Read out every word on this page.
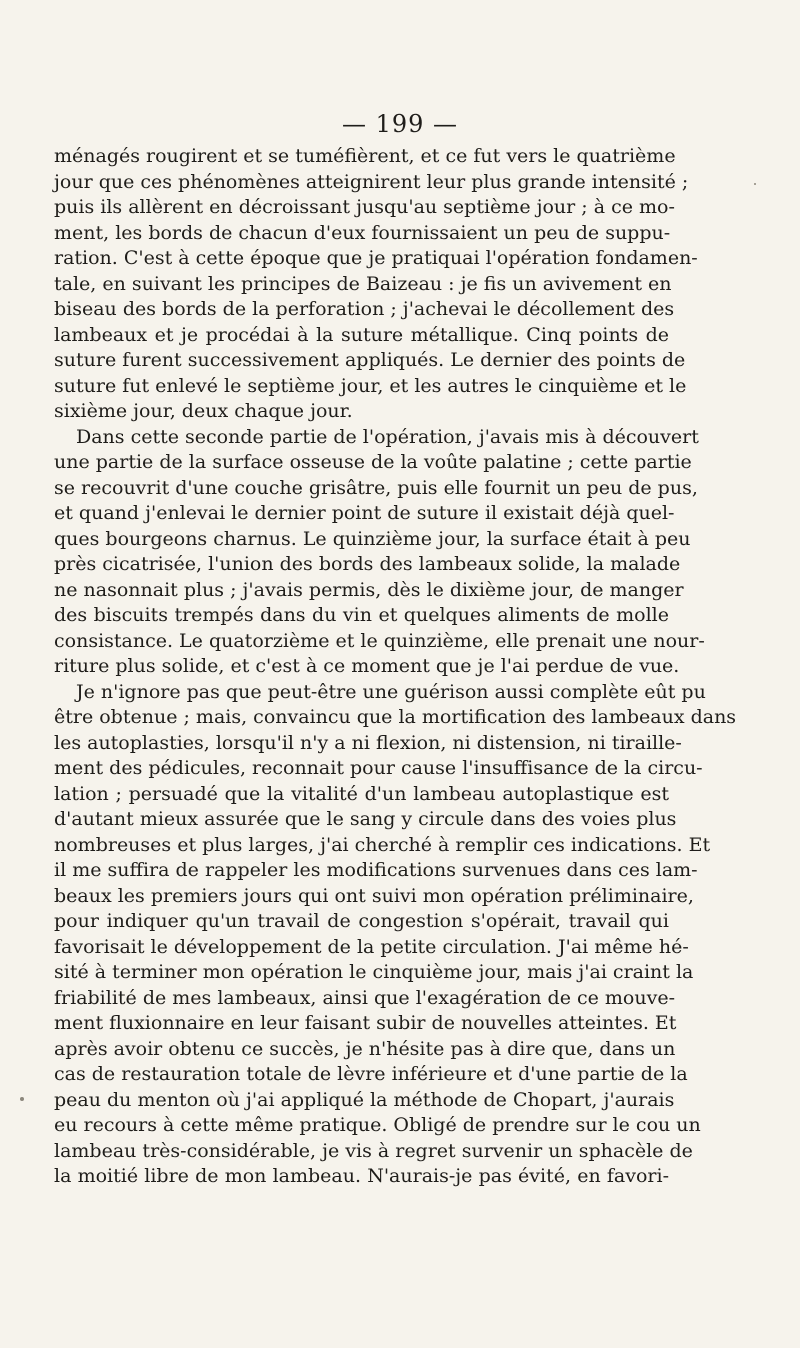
— 199 —
ménagés rougirent et se tuméfièrent, et ce fut vers le quatrième
jour que ces phénomènes atteignirent leur plus grande intensité ;
puis ils allèrent en décroissant jusqu'au septième jour ; à ce mo-
ment, les bords de chacun d'eux fournissaient un peu de suppu-
ration. C'est à cette époque que je pratiquai l'opération fondamen-
tale, en suivant les principes de Baizeau : je fis un avivement en
biseau des bords de la perforation ; j'achevai le décollement des
lambeaux et je procédai à la suture métallique. Cinq points de
suture furent successivement appliqués. Le dernier des points de
suture fut enlevé le septième jour, et les autres le cinquième et le
sixième jour, deux chaque jour.
Dans cette seconde partie de l'opération, j'avais mis à découvert
une partie de la surface osseuse de la voûte palatine ; cette partie
se recouvrit d'une couche grisâtre, puis elle fournit un peu de pus,
et quand j'enlevai le dernier point de suture il existait déjà quel-
ques bourgeons charnus. Le quinzième jour, la surface était à peu
près cicatrisée, l'union des bords des lambeaux solide, la malade
ne nasonnait plus ; j'avais permis, dès le dixième jour, de manger
des biscuits trempés dans du vin et quelques aliments de molle
consistance. Le quatorzième et le quinzième, elle prenait une nour-
riture plus solide, et c'est à ce moment que je l'ai perdue de vue.
Je n'ignore pas que peut-être une guérison aussi complète eût pu
être obtenue ; mais, convaincu que la mortification des lambeaux dans
les autoplasties, lorsqu'il n'y a ni flexion, ni distension, ni tiraille-
ment des pédicules, reconnait pour cause l'insuffisance de la circu-
lation ; persuadé que la vitalité d'un lambeau autoplastique est
d'autant mieux assurée que le sang y circule dans des voies plus
nombreuses et plus larges, j'ai cherché à remplir ces indications. Et
il me suffira de rappeler les modifications survenues dans ces lam-
beaux les premiers jours qui ont suivi mon opération préliminaire,
pour indiquer qu'un travail de congestion s'opérait, travail qui
favorisait le développement de la petite circulation. J'ai même hé-
sité à terminer mon opération le cinquième jour, mais j'ai craint la
friabilité de mes lambeaux, ainsi que l'exagération de ce mouve-
ment fluxionnaire en leur faisant subir de nouvelles atteintes. Et
après avoir obtenu ce succès, je n'hésite pas à dire que, dans un
cas de restauration totale de lèvre inférieure et d'une partie de la
peau du menton où j'ai appliqué la méthode de Chopart, j'aurais
eu recours à cette même pratique. Obligé de prendre sur le cou un
lambeau très-considérable, je vis à regret survenir un sphacèle de
la moitié libre de mon lambeau. N'aurais-je pas évité, en favori-
